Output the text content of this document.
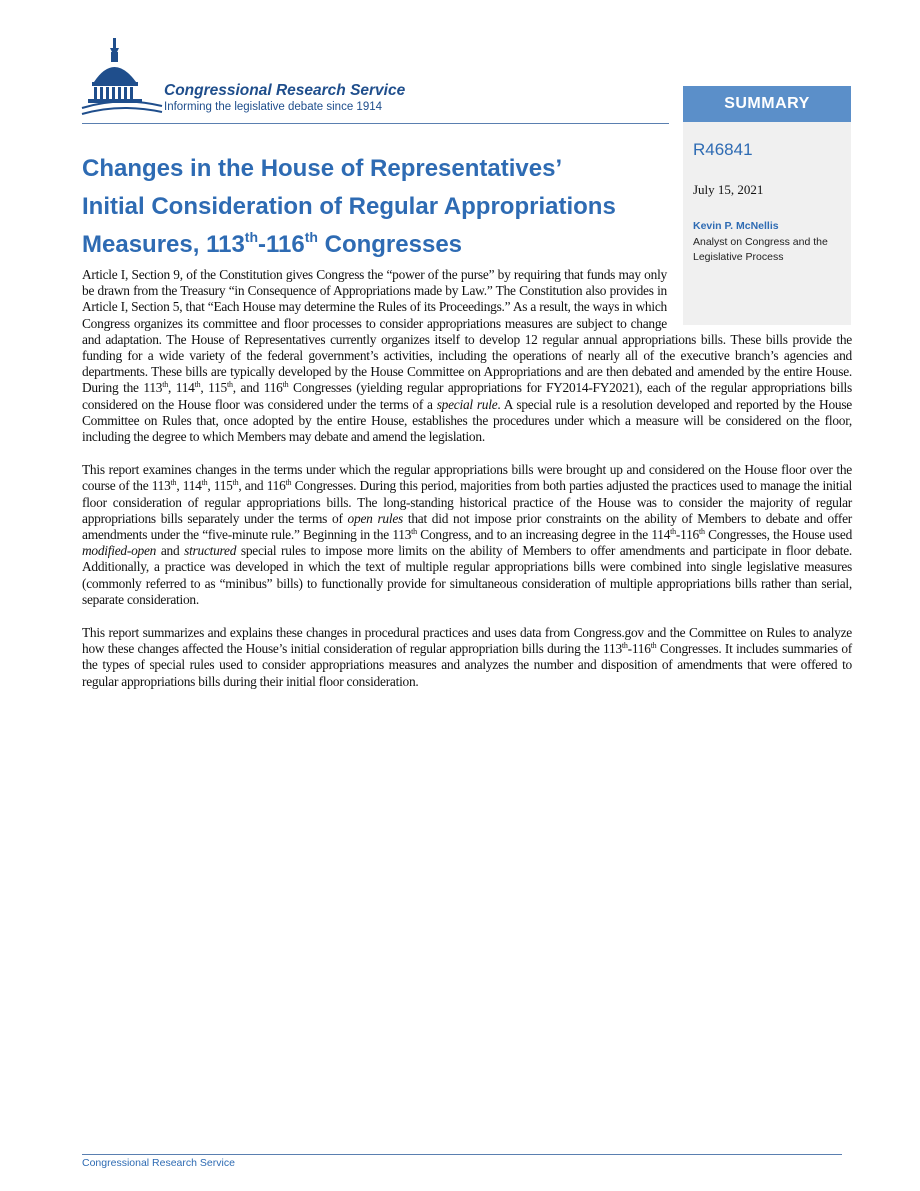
Congressional Research Service
Informing the legislative debate since 1914	SUMMARY
R46841
July 15, 2021
Kevin P. McNellis
Analyst on Congress and the Legislative Process
Changes in the House of Representatives’
Initial Consideration of Regular Appropriations
Measures, 113th-116th Congresses

Article I, Section 9, of the Constitution gives Congress the “power of the purse” by requiring that funds may only be drawn from the Treasury “in Consequence of Appropriations made by Law.” The Constitution also provides in Article I, Section 5, that “Each House may determine the Rules of its Proceedings.” As a result, the ways in which Congress organizes its committee and floor processes to consider appropriations measures are subject to change and adaptation. The House of Representatives currently organizes itself to develop 12 regular annual appropriations bills. These bills provide the funding for a wide variety of the federal government’s activities, including the operations of nearly all of the executive branch’s agencies and departments. These bills are typically developed by the House Committee on Appropriations and are then debated and amended by the entire House. During the 113th, 114th, 115th, and 116th Congresses (yielding regular appropriations for FY2014-FY2021), each of the regular appropriations bills considered on the House floor was considered under the terms of a special rule. A special rule is a resolution developed and reported by the House Committee on Rules that, once adopted by the entire House, establishes the procedures under which a measure will be considered on the floor, including the degree to which Members may debate and amend the legislation.

This report examines changes in the terms under which the regular appropriations bills were brought up and considered on the House floor over the course of the 113th, 114th, 115th, and 116th Congresses. During this period, majorities from both parties adjusted the practices used to manage the initial floor consideration of regular appropriations bills. The long-standing historical practice of the House was to consider the majority of regular appropriations bills separately under the terms of open rules that did not impose prior constraints on the ability of Members to debate and offer amendments under the “five-minute rule.” Beginning in the 113th Congress, and to an increasing degree in the 114th-116th Congresses, the House used modified-open and structured special rules to impose more limits on the ability of Members to offer amendments and participate in floor debate. Additionally, a practice was developed in which the text of multiple regular appropriations bills were combined into single legislative measures (commonly referred to as “minibus” bills) to functionally provide for simultaneous consideration of multiple appropriations bills rather than serial, separate consideration.

This report summarizes and explains these changes in procedural practices and uses data from Congress.gov and the Committee on Rules to analyze how these changes affected the House’s initial consideration of regular appropriation bills during the 113th-116th Congresses. It includes summaries of the types of special rules used to consider appropriations measures and analyzes the number and disposition of amendments that were offered to regular appropriations bills during their initial floor consideration.

Congressional Research Service
